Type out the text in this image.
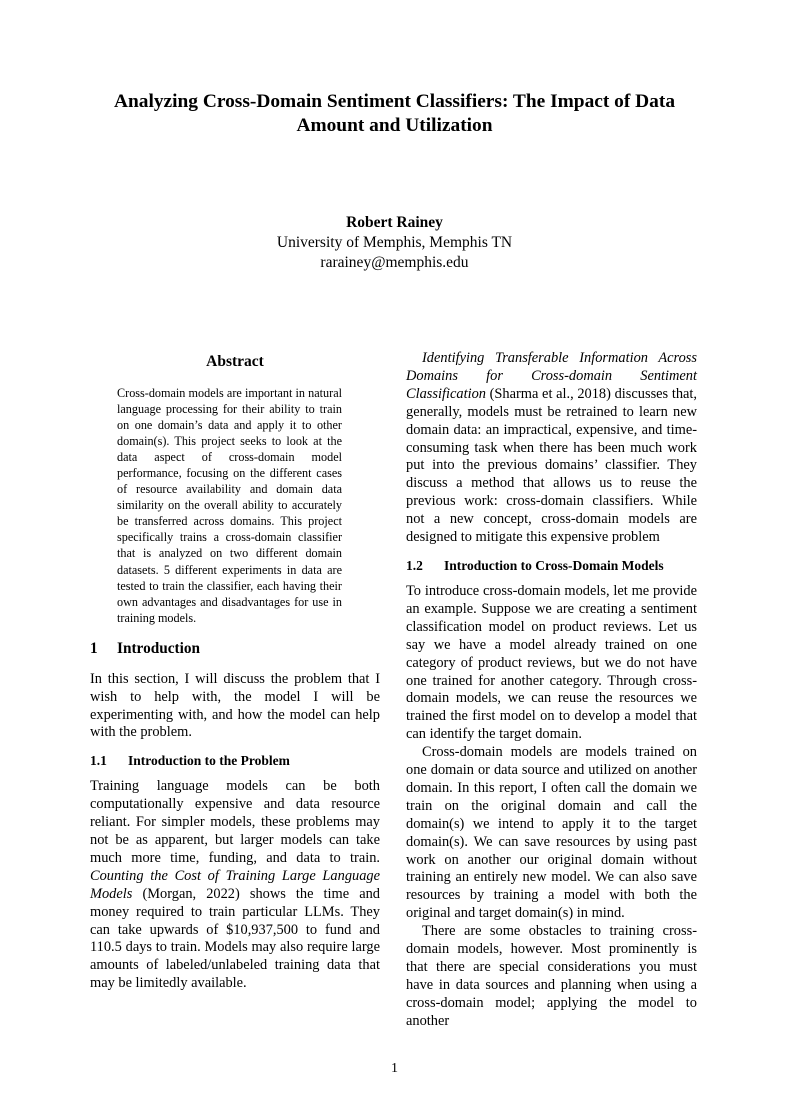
Analyzing Cross-Domain Sentiment Classifiers: The Impact of Data Amount and Utilization
Robert Rainey
University of Memphis, Memphis TN
rarainey@memphis.edu
Abstract

Cross-domain models are important in natural language processing for their ability to train on one domain’s data and apply it to other domain(s). This project seeks to look at the data aspect of cross-domain model performance, focusing on the different cases of resource availability and domain data similarity on the overall ability to accurately be transferred across domains. This project specifically trains a cross-domain classifier that is analyzed on two different domain datasets. 5 different experiments in data are tested to train the classifier, each having their own advantages and disadvantages for use in training models.

1 Introduction

In this section, I will discuss the problem that I wish to help with, the model I will be experimenting with, and how the model can help with the problem.

1.1 Introduction to the Problem

Training language models can be both computationally expensive and data resource reliant. For simpler models, these problems may not be as apparent, but larger models can take much more time, funding, and data to train. Counting the Cost of Training Large Language Models (Morgan, 2022) shows the time and money required to train particular LLMs. They can take upwards of $10,937,500 to fund and 110.5 days to train. Models may also require large amounts of labeled/unlabeled training data that may be limitedly available.

Identifying Transferable Information Across Domains for Cross-domain Sentiment Classification (Sharma et al., 2018) discusses that, generally, models must be retrained to learn new domain data: an impractical, expensive, and time-consuming task when there has been much work put into the previous domains’ classifier. They discuss a method that allows us to reuse the previous work: cross-domain classifiers. While not a new concept, cross-domain models are designed to mitigate this expensive problem

1.2 Introduction to Cross-Domain Models

To introduce cross-domain models, let me provide an example. Suppose we are creating a sentiment classification model on product reviews. Let us say we have a model already trained on one category of product reviews, but we do not have one trained for another category. Through cross-domain models, we can reuse the resources we trained the first model on to develop a model that can identify the target domain.

Cross-domain models are models trained on one domain or data source and utilized on another domain. In this report, I often call the domain we train on the original domain and call the domain(s) we intend to apply it to the target domain(s). We can save resources by using past work on another our original domain without training an entirely new model. We can also save resources by training a model with both the original and target domain(s) in mind.

There are some obstacles to training cross-domain models, however. Most prominently is that there are special considerations you must have in data sources and planning when using a cross-domain model; applying the model to another

1
